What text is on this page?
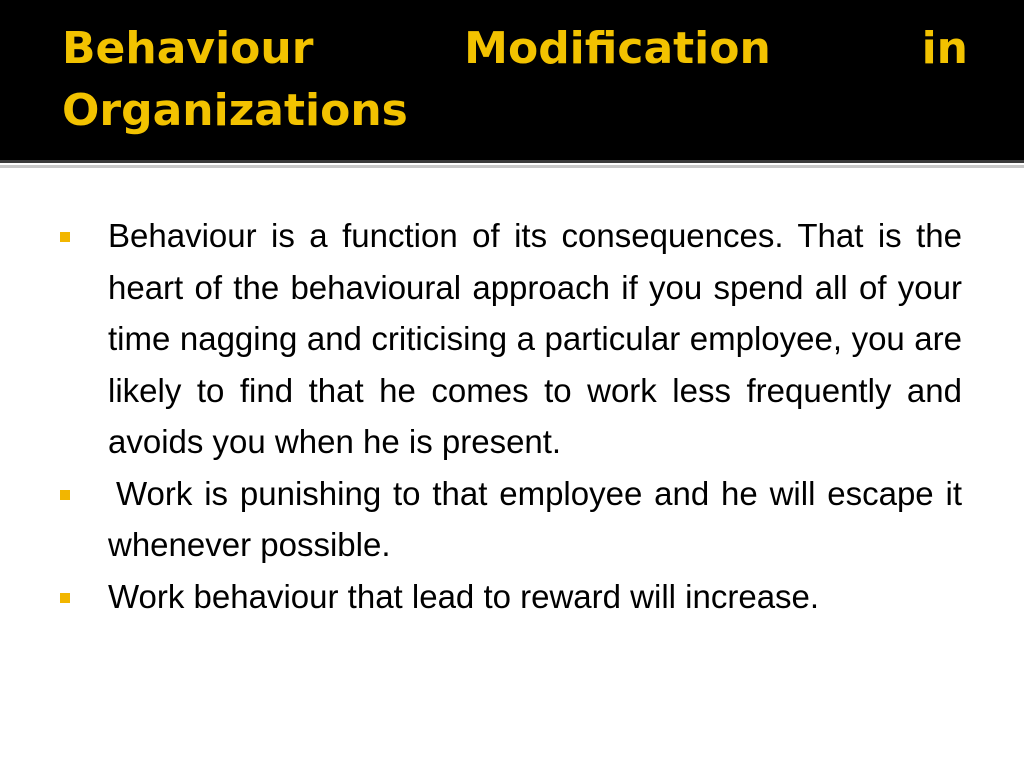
Behaviour Modification in Organizations
Behaviour is a function of its consequences. That is the heart of the behavioural approach if you spend all of your time nagging and criticising a particular employee, you are likely to find that he comes to work less frequently and avoids you when he is present.
Work is punishing to that employee and he will escape it whenever possible.
Work behaviour that lead to reward will increase.
